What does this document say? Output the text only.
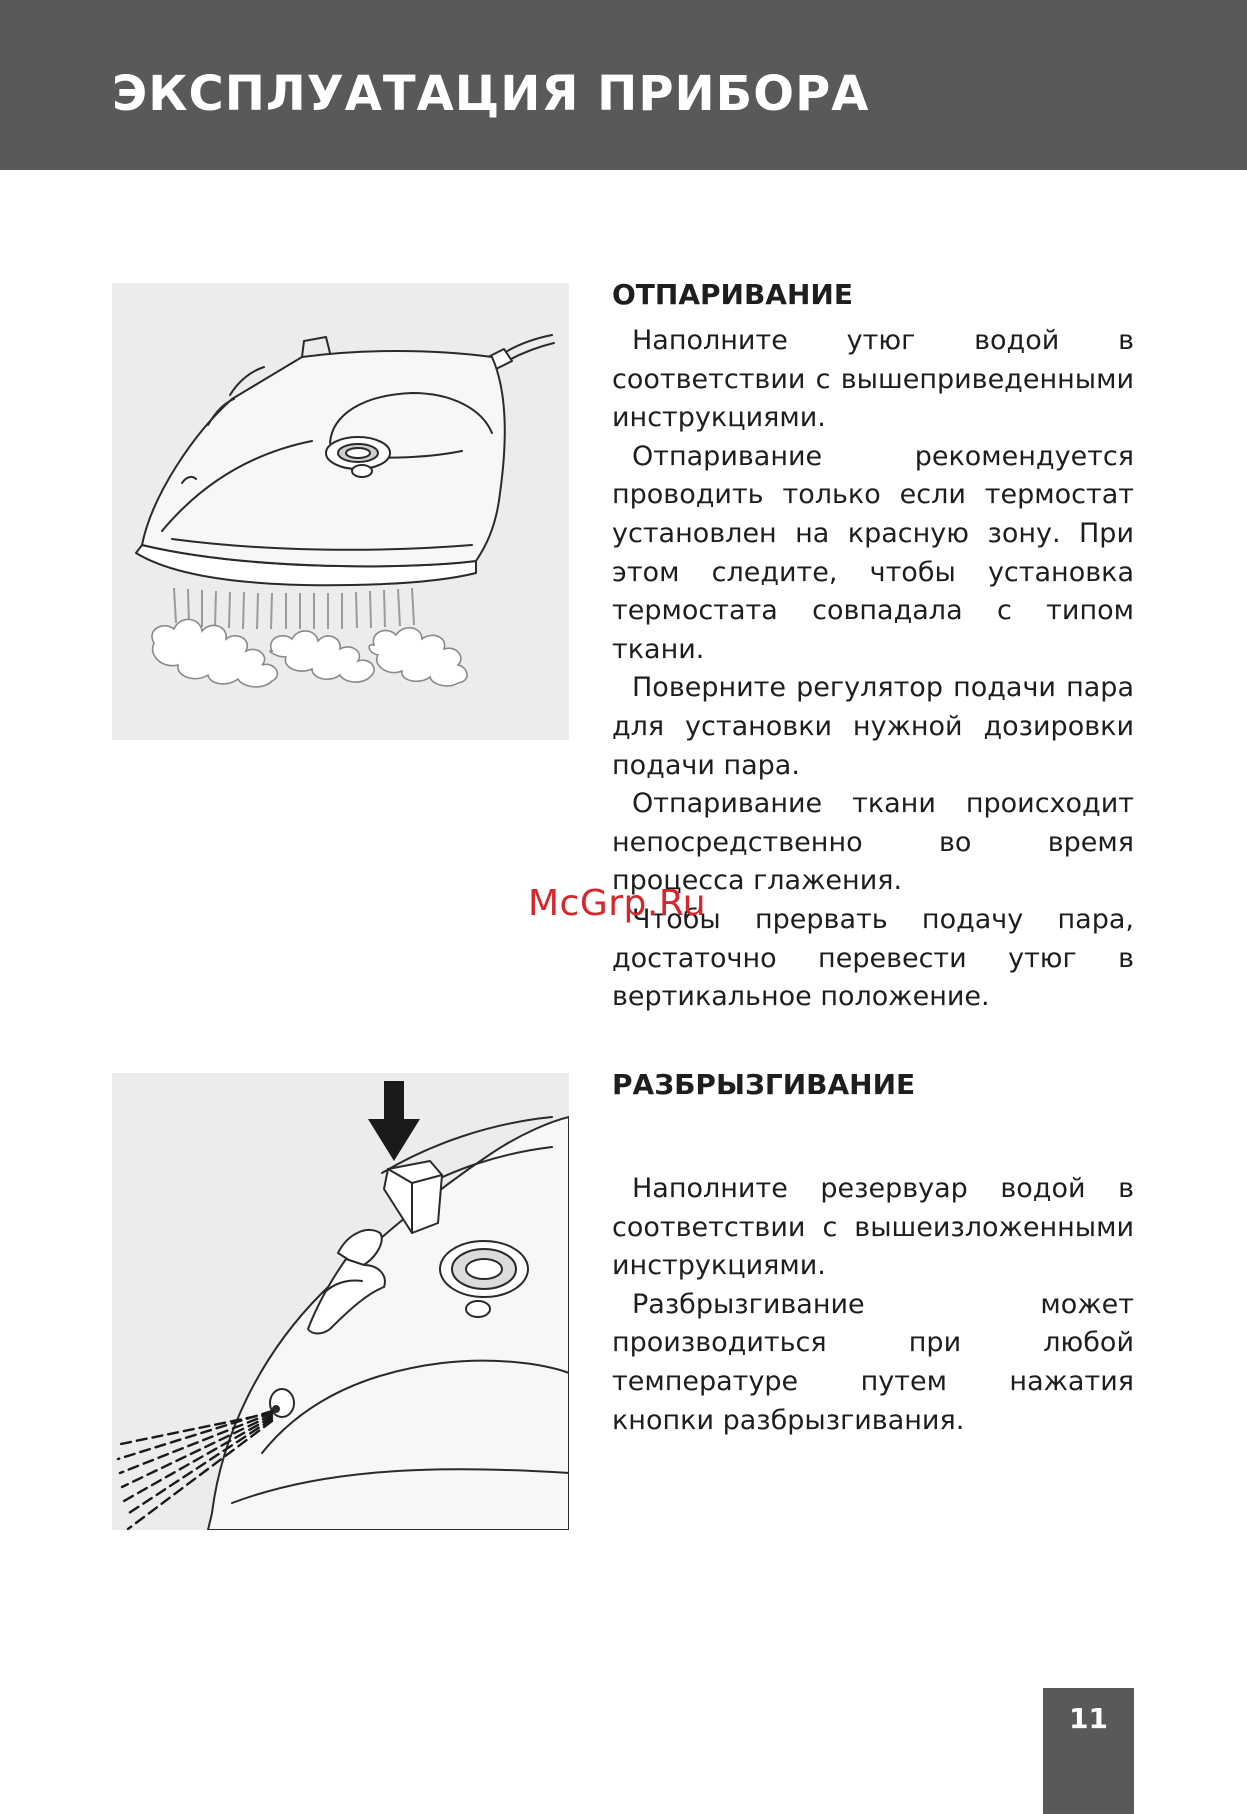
ЭКСПЛУАТАЦИЯ ПРИБОРА
ОТПАРИВАНИЕ

Наполните утюг водой в соответствии с вышеприведенными инструкциями.

Отпаривание рекомендуется проводить только если термостат установлен на красную зону. При этом следите, чтобы установка термостата совпадала с типом ткани.

Поверните регулятор подачи пара для установки нужной дозировки подачи пара.

Отпаривание ткани происходит непосредственно во время процесса глажения.

Чтобы прервать подачу пара, достаточно перевести утюг в вертикальное положение.

РАЗБРЫЗГИВАНИЕ

Наполните резервуар водой в соответствии с вышеизложенными инструкциями.

Разбрызгивание может производиться при любой температуре путем нажатия кнопки разбрызгивания.

McGrp.Ru
11
